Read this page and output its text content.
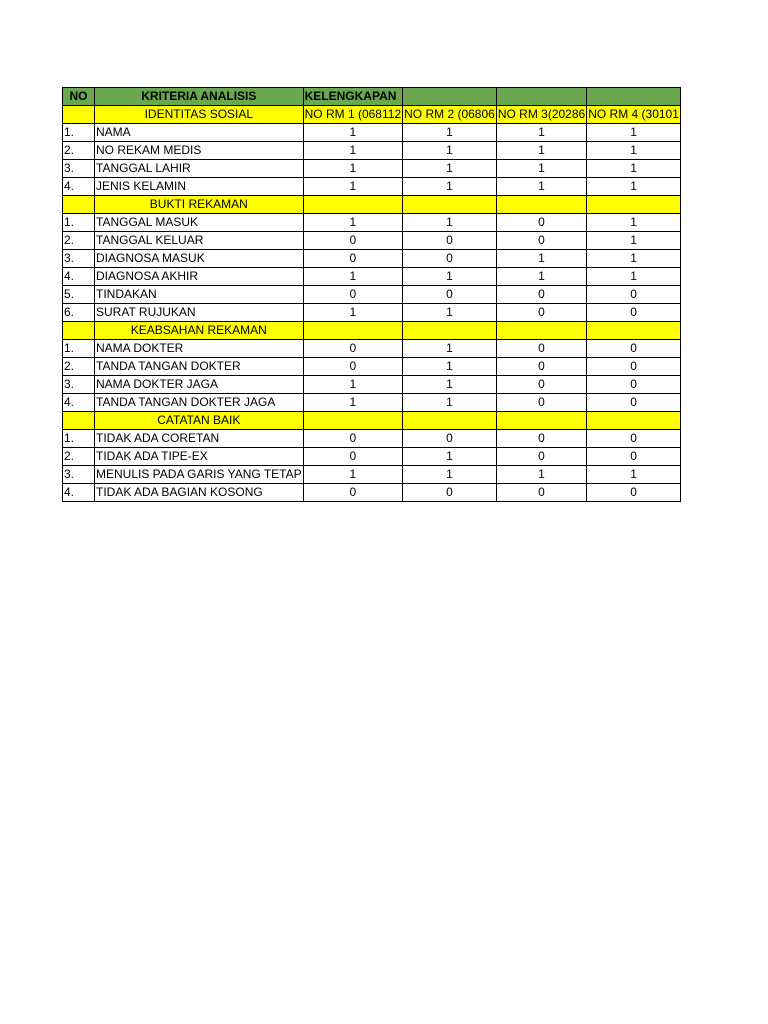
NO	KRITERIA ANALISIS	KELENGKAPAN			
	IDENTITAS SOSIAL	NO RM 1 (068112	NO RM 2 (06806	NO RM 3(20286	NO RM 4 (30101
1.	NAMA	1	1	1	1
2.	NO REKAM MEDIS	1	1	1	1
3.	TANGGAL LAHIR	1	1	1	1
4.	JENIS KELAMIN	1	1	1	1
	BUKTI REKAMAN				
1.	TANGGAL MASUK	1	1	0	1
2.	TANGGAL KELUAR	0	0	0	1
3.	DIAGNOSA MASUK	0	0	1	1
4.	DIAGNOSA AKHIR	1	1	1	1
5.	TINDAKAN	0	0	0	0
6.	SURAT RUJUKAN	1	1	0	0
	KEABSAHAN REKAMAN				
1.	NAMA DOKTER	0	1	0	0
2.	TANDA TANGAN DOKTER	0	1	0	0
3.	NAMA DOKTER JAGA	1	1	0	0
4.	TANDA TANGAN DOKTER JAGA	1	1	0	0
	CATATAN BAIK				
1.	TIDAK ADA CORETAN	0	0	0	0
2.	TIDAK ADA TIPE-EX	0	1	0	0
3.	MENULIS PADA GARIS YANG TETAP	1	1	1	1
4.	TIDAK ADA BAGIAN KOSONG	0	0	0	0
